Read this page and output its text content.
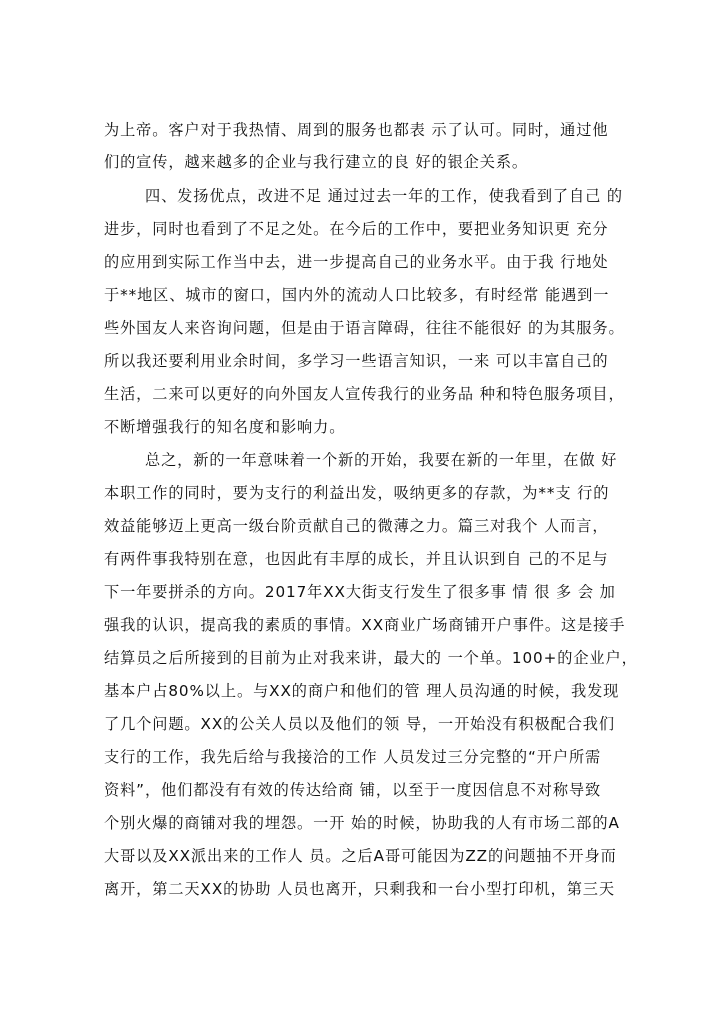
为上帝。客户对于我热情、周到的服务也都表 示了认可。同时，通过他
们的宣传，越来越多的企业与我行建立的良 好的银企关系。
四、发扬优点，改进不足 通过过去一年的工作，使我看到了自己 的
进步，同时也看到了不足之处。在今后的工作中，要把业务知识更 充分
的应用到实际工作当中去，进一步提高自己的业务水平。由于我 行地处
于**地区、城市的窗口，国内外的流动人口比较多，有时经常 能遇到一
些外国友人来咨询问题，但是由于语言障碍，往往不能很好 的为其服务。
所以我还要利用业余时间，多学习一些语言知识，一来 可以丰富自己的
生活，二来可以更好的向外国友人宣传我行的业务品 种和特色服务项目，
不断增强我行的知名度和影响力。
总之，新的一年意味着一个新的开始，我要在新的一年里，在做 好
本职工作的同时，要为支行的利益出发，吸纳更多的存款，为**支 行的
效益能够迈上更高一级台阶贡献自己的微薄之力。篇三对我个 人而言，
有两件事我特别在意，也因此有丰厚的成长，并且认识到自 己的不足与
下一年要拼杀的方向。2017年XX大街支行发生了很多事 情 很 多 会 加
强我的认识，提高我的素质的事情。XX商业广场商铺开户事件。这是接手
结算员之后所接到的目前为止对我来讲，最大的 一个单。100+的企业户，
基本户占80%以上。与XX的商户和他们的管 理人员沟通的时候，我发现
了几个问题。XX的公关人员以及他们的领 导，一开始没有积极配合我们
支行的工作，我先后给与我接洽的工作 人员发过三分完整的“开户所需
资料”，他们都没有有效的传达给商 铺，以至于一度因信息不对称导致
个别火爆的商铺对我的埋怨。一开 始的时候，协助我的人有市场二部的A
大哥以及XX派出来的工作人 员。之后A哥可能因为ZZ的问题抽不开身而
离开，第二天XX的协助 人员也离开，只剩我和一台小型打印机，第三天
